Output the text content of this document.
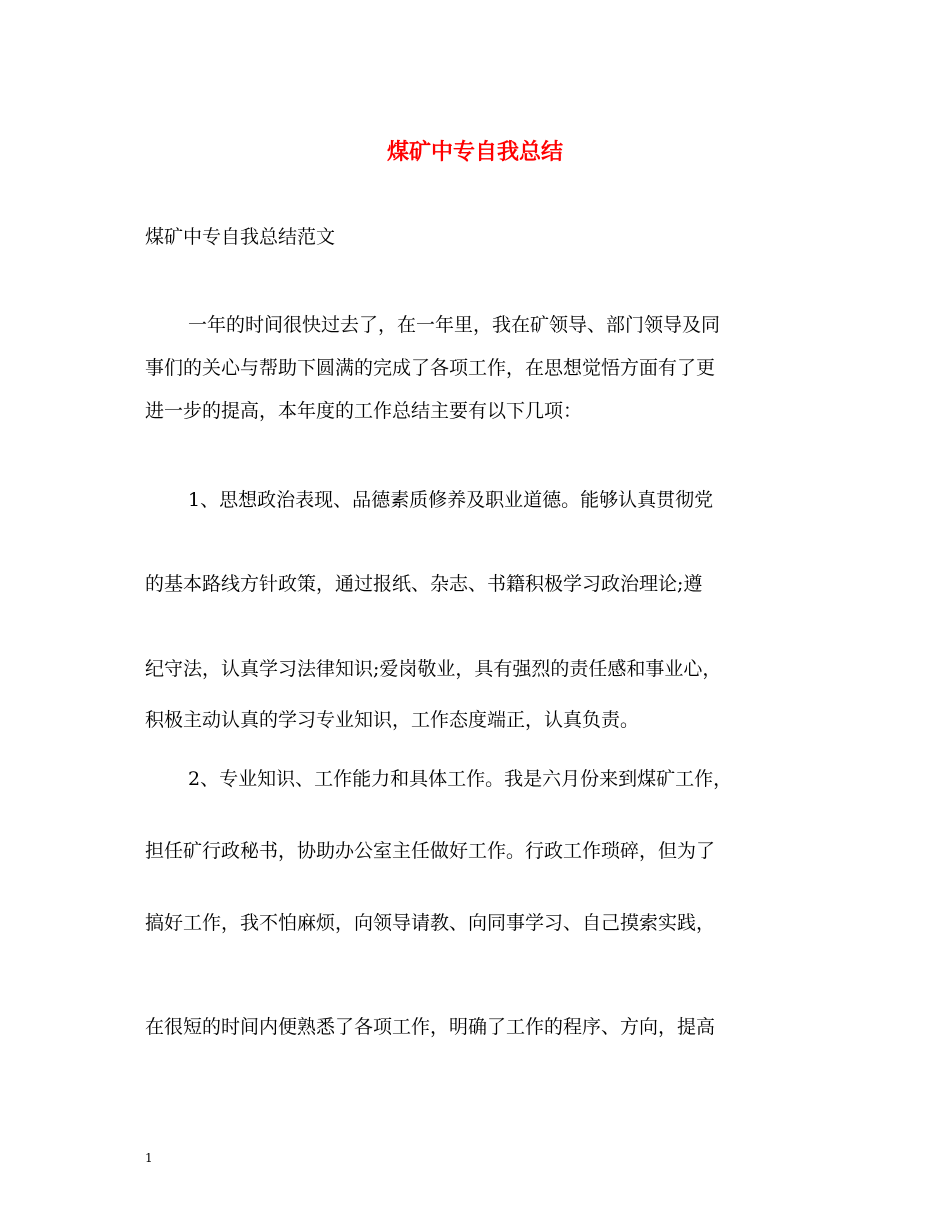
煤矿中专自我总结

煤矿中专自我总结范文

一年的时间很快过去了，在一年里，我在矿领导、部门领导及同

事们的关心与帮助下圆满的完成了各项工作，在思想觉悟方面有了更

进一步的提高，本年度的工作总结主要有以下几项：

1、思想政治表现、品德素质修养及职业道德。能够认真贯彻党

的基本路线方针政策，通过报纸、杂志、书籍积极学习政治理论;遵

纪守法，认真学习法律知识;爱岗敬业，具有强烈的责任感和事业心，

积极主动认真的学习专业知识，工作态度端正，认真负责。

2、专业知识、工作能力和具体工作。我是六月份来到煤矿工作，

担任矿行政秘书，协助办公室主任做好工作。行政工作琐碎，但为了

搞好工作，我不怕麻烦，向领导请教、向同事学习、自己摸索实践，

在很短的时间内便熟悉了各项工作，明确了工作的程序、方向，提高

1
